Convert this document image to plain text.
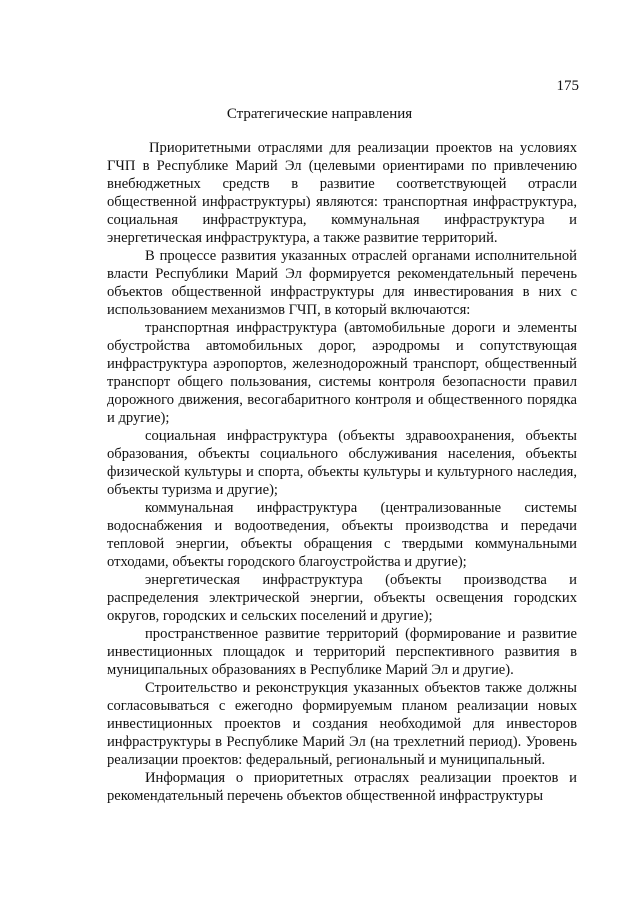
175
Стратегические направления

Приоритетными отраслями для реализации проектов на условиях ГЧП в Республике Марий Эл (целевыми ориентирами по привлечению внебюджетных средств в развитие соответствующей отрасли общественной инфраструктуры) являются: транспортная инфраструктура, социальная инфраструктура, коммунальная инфраструктура и энергетическая инфраструктура, а также развитие территорий.

В процессе развития указанных отраслей органами исполнительной власти Республики Марий Эл формируется рекомендательный перечень объектов общественной инфраструктуры для инвестирования в них с использованием механизмов ГЧП, в который включаются:

транспортная инфраструктура (автомобильные дороги и элементы обустройства автомобильных дорог, аэродромы и сопутствующая инфраструктура аэропортов, железнодорожный транспорт, общественный транспорт общего пользования, системы контроля безопасности правил дорожного движения, весогабаритного контроля и общественного порядка и другие);

социальная инфраструктура (объекты здравоохранения, объекты образования, объекты социального обслуживания населения, объекты физической культуры и спорта, объекты культуры и культурного наследия, объекты туризма и другие);

коммунальная инфраструктура (централизованные системы водоснабжения и водоотведения, объекты производства и передачи тепловой энергии, объекты обращения с твердыми коммунальными отходами, объекты городского благоустройства и другие);

энергетическая инфраструктура (объекты производства и распределения электрической энергии, объекты освещения городских округов, городских и сельских поселений и другие);

пространственное развитие территорий (формирование и развитие инвестиционных площадок и территорий перспективного развития в муниципальных образованиях в Республике Марий Эл и другие).

Строительство и реконструкция указанных объектов также должны согласовываться с ежегодно формируемым планом реализации новых инвестиционных проектов и создания необходимой для инвесторов инфраструктуры в Республике Марий Эл (на трехлетний период). Уровень реализации проектов: федеральный, региональный и муниципальный.

Информация о приоритетных отраслях реализации проектов и рекомендательный перечень объектов общественной инфраструктуры
